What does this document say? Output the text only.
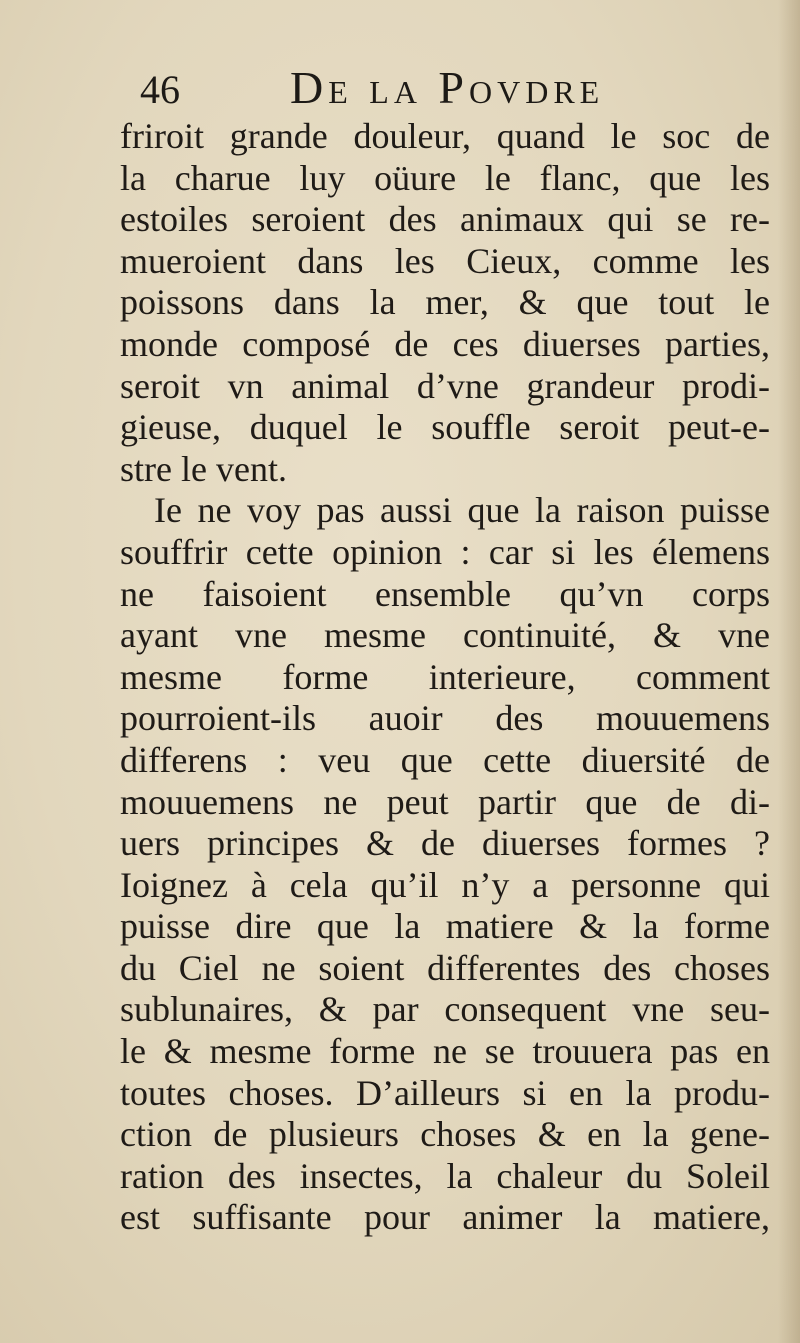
46 De la Povdre
friroit grande douleur, quand le soc de
la charue luy oüure le flanc, que les
estoiles seroient des animaux qui se re-
mueroient dans les Cieux, comme les
poissons dans la mer, & que tout le
monde composé de ces diuerses parties,
seroit vn animal d’vne grandeur prodi-
gieuse, duquel le souffle seroit peut-e-
stre le vent.
Ie ne voy pas aussi que la raison puisse
souffrir cette opinion : car si les élemens
ne faisoient ensemble qu’vn corps
ayant vne mesme continuité, & vne
mesme forme interieure, comment
pourroient-ils auoir des mouuemens
differens : veu que cette diuersité de
mouuemens ne peut partir que de di-
uers principes & de diuerses formes ?
Ioignez à cela qu’il n’y a personne qui
puisse dire que la matiere & la forme
du Ciel ne soient differentes des choses
sublunaires, & par consequent vne seu-
le & mesme forme ne se trouuera pas en
toutes choses. D’ailleurs si en la produ-
ction de plusieurs choses & en la gene-
ration des insectes, la chaleur du Soleil
est suffisante pour animer la matiere,
